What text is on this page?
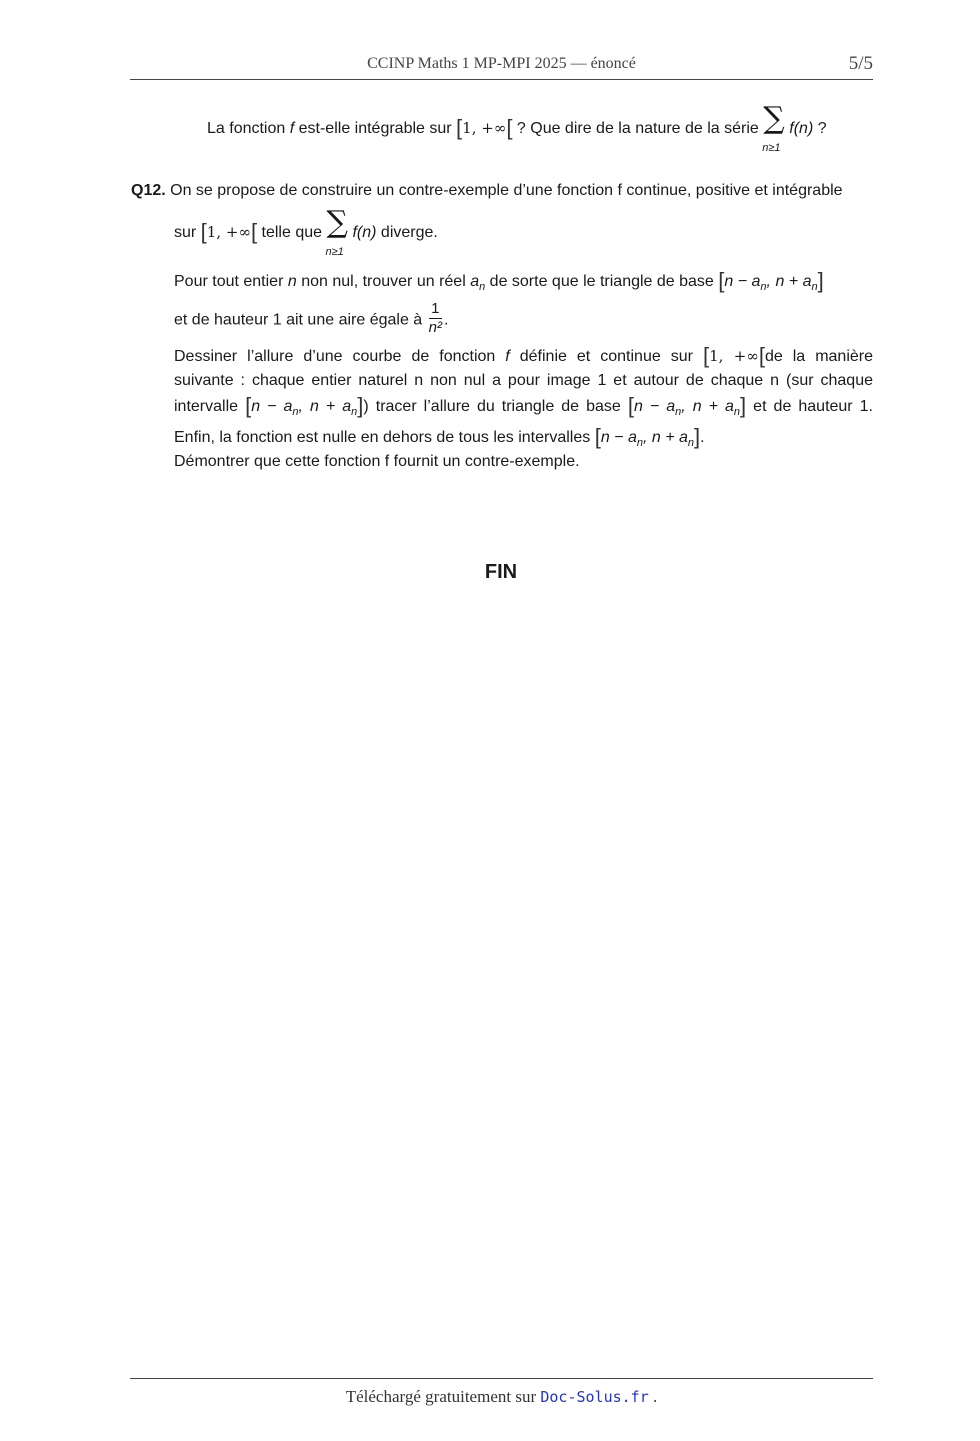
CCINP Maths 1 MP-MPI 2025 — énoncé	5/5
La fonction f est-elle intégrable sur [1, +∞[ ? Que dire de la nature de la série ∑
n≥1
f(n) ?
Q12. On se propose de construire un contre-exemple d’une fonction f continue, positive et intégrable
sur [1, +∞[ telle que ∑
n≥1
f(n) diverge.
Pour tout entier n non nul, trouver un réel $a_n$ de sorte que le triangle de base [$n - a_n$, $n + a_n$]
et de hauteur 1 ait une aire égale à $\frac{1}{\text{n²}}$ .
Dessiner l’allure d’une courbe de fonction f définie et continue sur [1, +∞[de la manière
suivante : chaque entier naturel n non nul a pour image 1 et autour de chaque n (sur chaque
intervalle [$n - a_n$, $n + a_n$]) tracer l’allure du triangle de base [$n - a_n$, $n + a_n$] et de hauteur 1.
Enfin, la fonction est nulle en dehors de tous les intervalles [$n - a_n$, $n + a_n$].
Démontrer que cette fonction f fournit un contre-exemple.
FIN
Téléchargé gratuitement sur Doc-Solus.fr .
